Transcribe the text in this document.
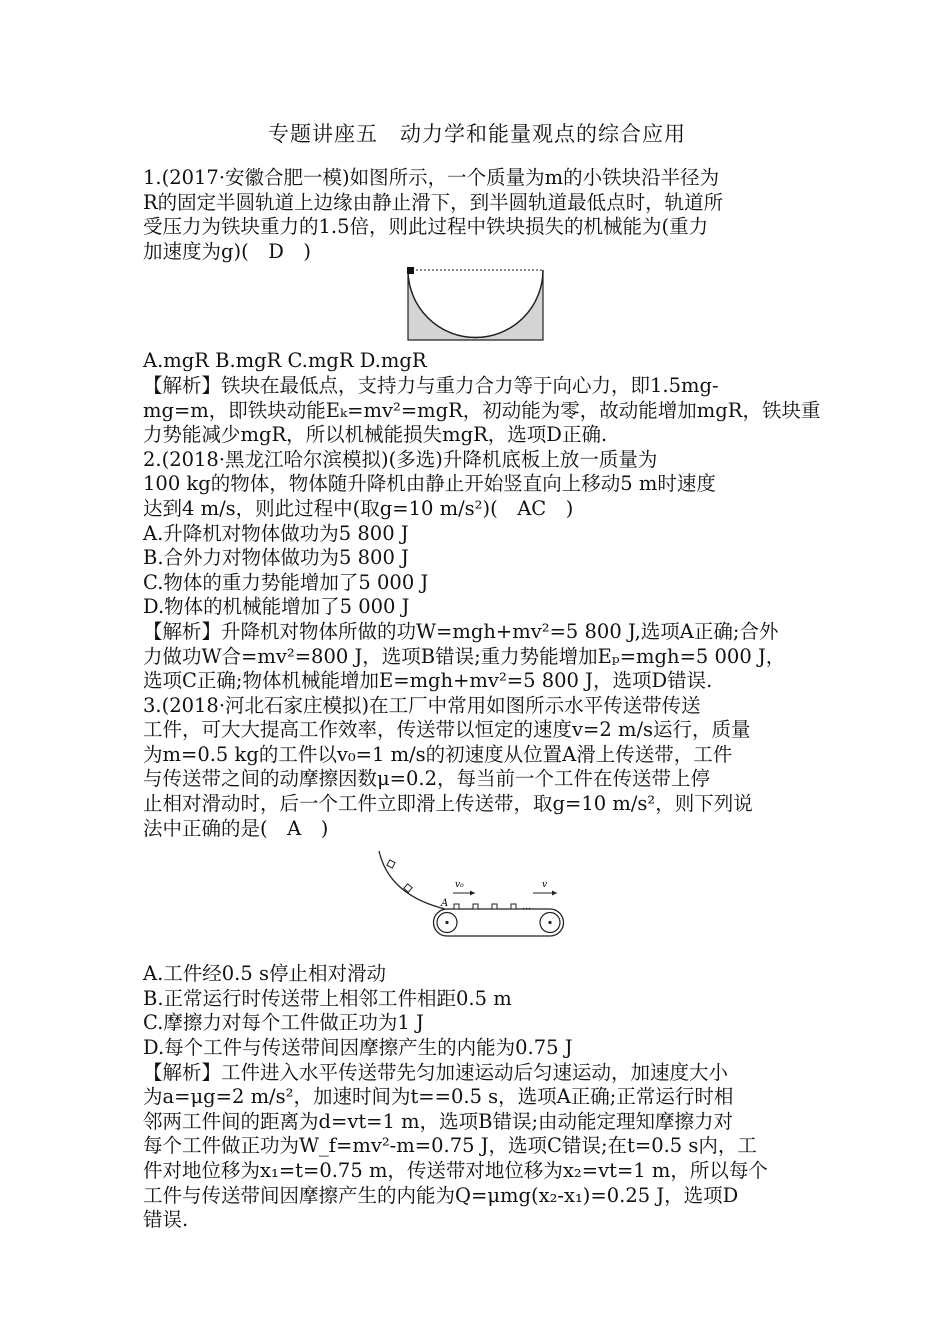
专题讲座五　动力学和能量观点的综合应用

1.(2017·安徽合肥一模)如图所示，一个质量为m的小铁块沿半径为

R的固定半圆轨道上边缘由静止滑下，到半圆轨道最低点时，轨道所

受压力为铁块重力的1.5倍，则此过程中铁块损失的机械能为(重力

加速度为g)(　D　)

A.mgR B.mgR C.mgR D.mgR

【解析】铁块在最低点，支持力与重力合力等于向心力，即1.5mg-

mg=m，即铁块动能Eₖ=mv²=mgR，初动能为零，故动能增加mgR，铁块重

力势能减少mgR，所以机械能损失mgR，选项D正确.

2.(2018·黑龙江哈尔滨模拟)(多选)升降机底板上放一质量为

100 kg的物体，物体随升降机由静止开始竖直向上移动5 m时速度

达到4 m/s，则此过程中(取g=10 m/s²)(　AC　)

A.升降机对物体做功为5 800 J

B.合外力对物体做功为5 800 J

C.物体的重力势能增加了5 000 J

D.物体的机械能增加了5 000 J

【解析】升降机对物体所做的功W=mgh+mv²=5 800 J,选项A正确;合外

力做功W合=mv²=800 J，选项B错误;重力势能增加Eₚ=mgh=5 000 J，

选项C正确;物体机械能增加E=mgh+mv²=5 800 J，选项D错误.

3.(2018·河北石家庄模拟)在工厂中常用如图所示水平传送带传送

工件，可大大提高工作效率，传送带以恒定的速度v=2 m/s运行，质量

为m=0.5 kg的工件以v₀=1 m/s的初速度从位置A滑上传送带，工件

与传送带之间的动摩擦因数μ=0.2，每当前一个工件在传送带上停

止相对滑动时，后一个工件立即滑上传送带，取g=10 m/s²，则下列说

法中正确的是(　A　)

…
A
v₀	v

A.工件经0.5 s停止相对滑动

B.正常运行时传送带上相邻工件相距0.5 m

C.摩擦力对每个工件做正功为1 J

D.每个工件与传送带间因摩擦产生的内能为0.75 J

【解析】工件进入水平传送带先匀加速运动后匀速运动，加速度大小

为a=μg=2 m/s²，加速时间为t==0.5 s，选项A正确;正常运行时相

邻两工件间的距离为d=vt=1 m，选项B错误;由动能定理知摩擦力对

每个工件做正功为W_f=mv²-m=0.75 J，选项C错误;在t=0.5 s内，工

件对地位移为x₁=t=0.75 m，传送带对地位移为x₂=vt=1 m，所以每个

工件与传送带间因摩擦产生的内能为Q=μmg(x₂-x₁)=0.25 J，选项D

错误.
